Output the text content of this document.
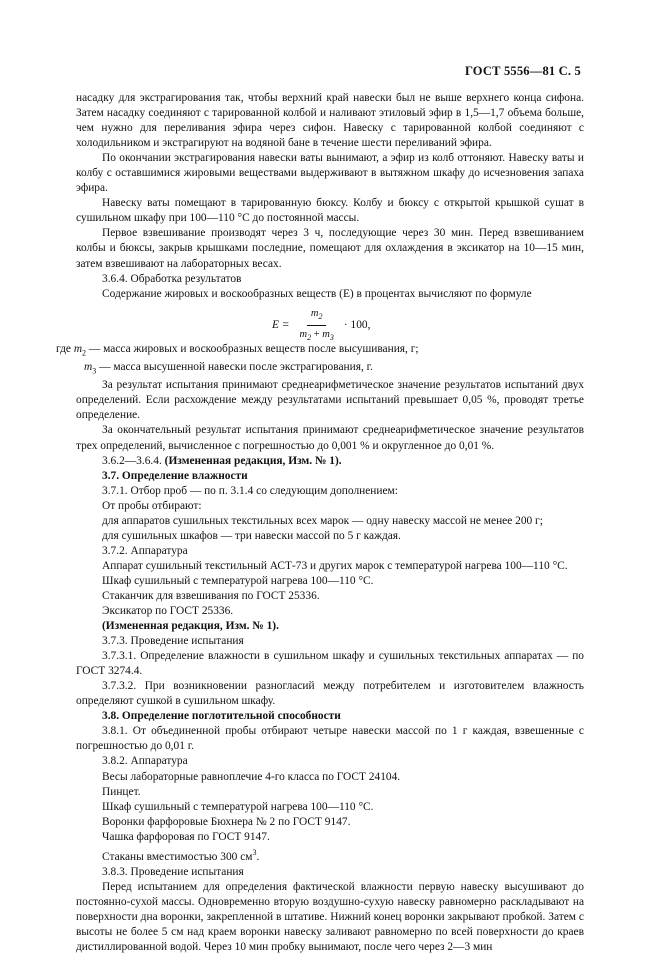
ГОСТ 5556—81 С. 5

насадку для экстрагирования так, чтобы верхний край навески был не выше верхнего конца сифона. Затем насадку соединяют с тарированной колбой и наливают этиловый эфир в 1,5—1,7 объема больше, чем нужно для переливания эфира через сифон. Навеску с тарированной колбой соединяют с холодильником и экстрагируют на водяной бане в течение шести переливаний эфира.

По окончании экстрагирования навески ваты вынимают, а эфир из колб оттоняют. Навеску ваты и колбу с оставшимися жировыми веществами выдерживают в вытяжном шкафу до исчезновения запаха эфира.

Навеску ваты помещают в тарированную бюксу. Колбу и бюксу с открытой крышкой сушат в сушильном шкафу при 100—110 °С до постоянной массы.

Первое взвешивание производят через 3 ч, последующие через 30 мин. Перед взвешиванием колбы и бюксы, закрыв крышками последние, помещают для охлаждения в эксикатор на 10—15 мин, затем взвешивают на лабораторных весах.

3.6.4. Обработка результатов

Содержание жировых и воскообразных веществ (E) в процентах вычисляют по формуле

$E = \frac{m_2}{m_2 + m_3} \cdot 100$,

где $m_2$ — масса жировых и воскообразных веществ после высушивания, г;

$m_3$ — масса высушенной навески после экстрагирования, г.

За результат испытания принимают среднеарифметическое значение результатов испытаний двух определений. Если расхождение между результатами испытаний превышает 0,05 %, проводят третье определение.

За окончательный результат испытания принимают среднеарифметическое значение результатов трех определений, вычисленное с погрешностью до 0,001 % и округленное до 0,01 %.

3.6.2—3.6.4. (Измененная редакция, Изм. № 1).

3.7. Определение влажности

3.7.1. Отбор проб — по п. 3.1.4 со следующим дополнением:

От пробы отбирают:

для аппаратов сушильных текстильных всех марок — одну навеску массой не менее 200 г;

для сушильных шкафов — три навески массой по 5 г каждая.

3.7.2. Аппаратура

Аппарат сушильный текстильный АСТ-73 и других марок с температурой нагрева 100—110 °С.

Шкаф сушильный с температурой нагрева 100—110 °С.

Стаканчик для взвешивания по ГОСТ 25336.

Эксикатор по ГОСТ 25336.

(Измененная редакция, Изм. № 1).

3.7.3. Проведение испытания

3.7.3.1. Определение влажности в сушильном шкафу и сушильных текстильных аппаратах — по ГОСТ 3274.4.

3.7.3.2. При возникновении разногласий между потребителем и изготовителем влажность определяют сушкой в сушильном шкафу.

3.8. Определение поглотительной способности

3.8.1. От объединенной пробы отбирают четыре навески массой по 1 г каждая, взвешенные с погрешностью до 0,01 г.

3.8.2. Аппаратура

Весы лабораторные равноплечие 4-го класса по ГОСТ 24104.

Пинцет.

Шкаф сушильный с температурой нагрева 100—110 °С.

Воронки фарфоровые Бюхнера № 2 по ГОСТ 9147.

Чашка фарфоровая по ГОСТ 9147.

Стаканы вместимостью 300 $см^3$.

3.8.3. Проведение испытания

Перед испытанием для определения фактической влажности первую навеску высушивают до постоянно-сухой массы. Одновременно вторую воздушно-сухую навеску равномерно раскладывают на поверхности дна воронки, закрепленной в штативе. Нижний конец воронки закрывают пробкой. Затем с высоты не более 5 см над краем воронки навеску заливают равномерно по всей поверхности до краев дистиллированной водой. Через 10 мин пробку вынимают, после чего через 2—3 мин
